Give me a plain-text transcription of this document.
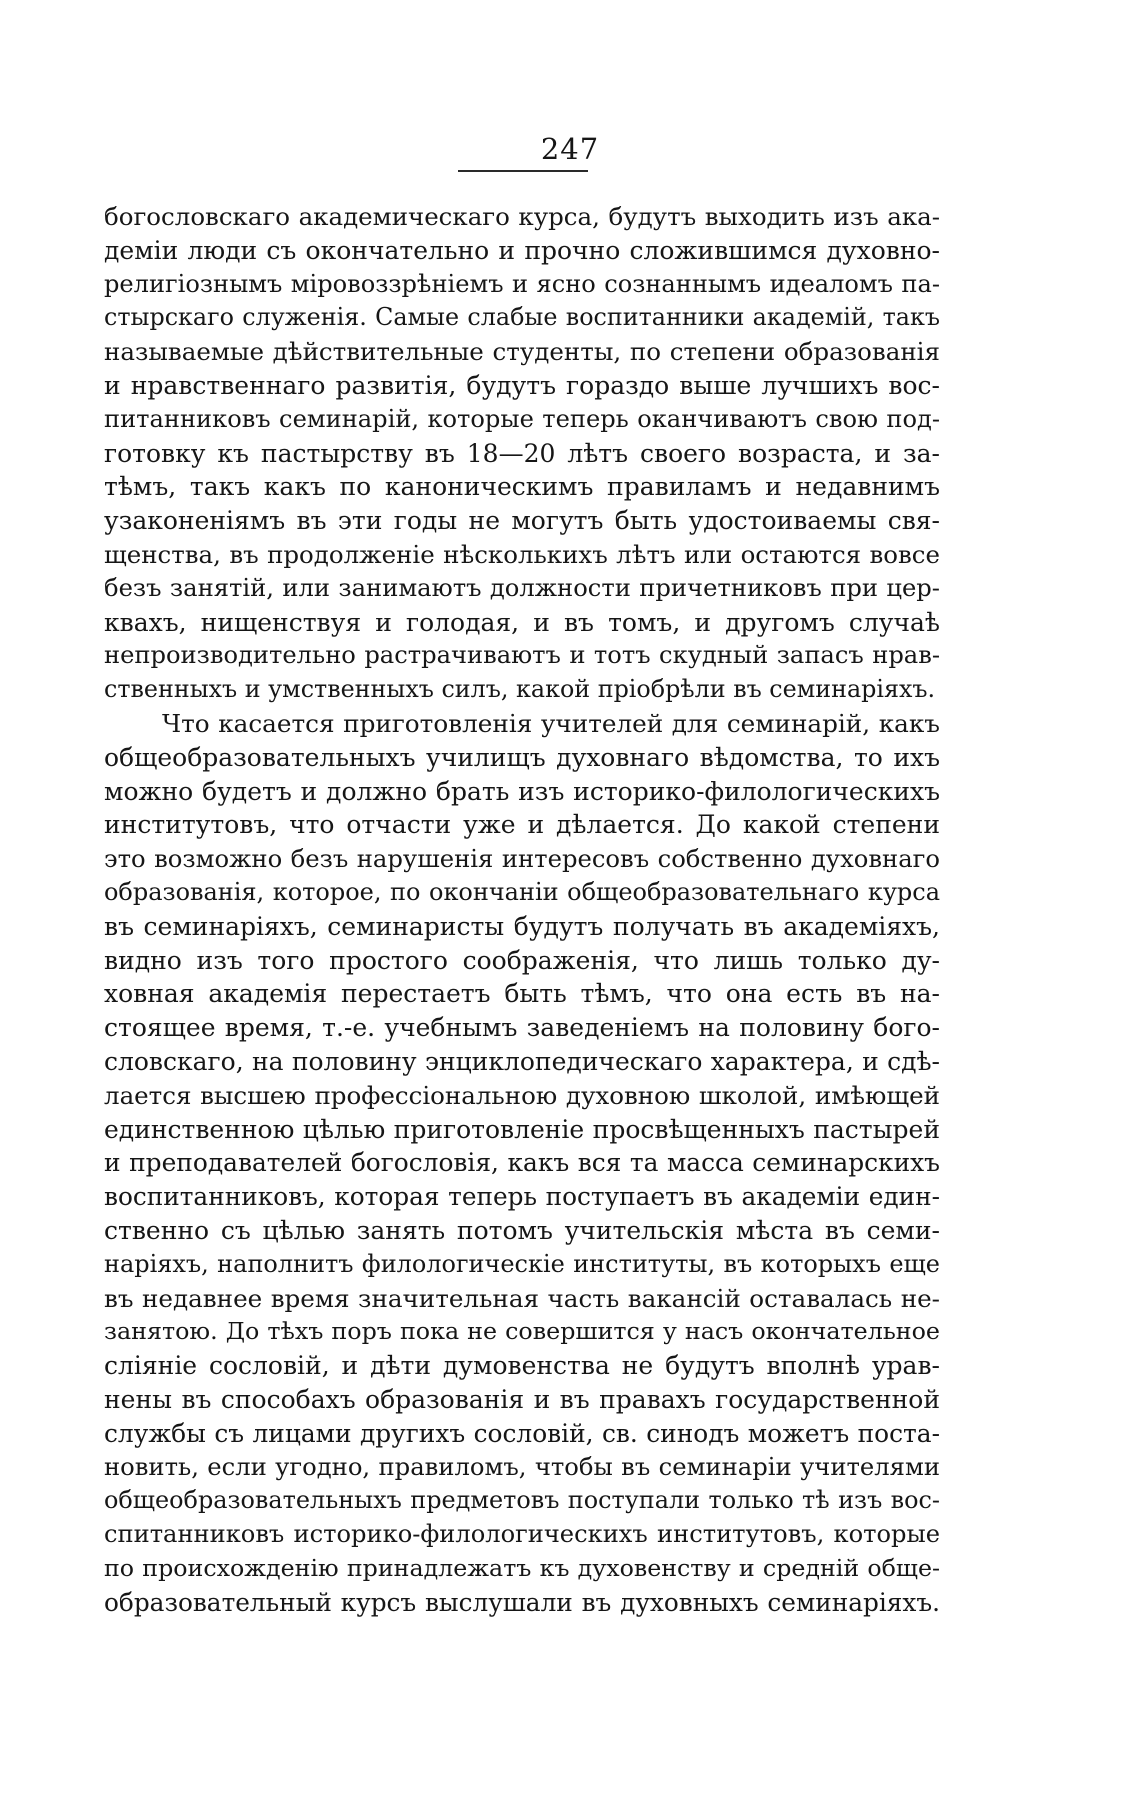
247
богословскаго академическаго курса, будутъ выходить изъ ака-
деміи люди съ окончательно и прочно сложившимся духовно-
религіознымъ міровоззрѣніемъ и ясно сознаннымъ идеаломъ па-
стырскаго служенія. Самые слабые воспитанники академій, такъ
называемые дѣйствительные студенты, по степени образованія
и нравственнаго развитія, будутъ гораздо выше лучшихъ вос-
питанниковъ семинарій, которые теперь оканчиваютъ свою под-
готовку къ пастырству въ 18—20 лѣтъ своего возраста, и за-
тѣмъ, такъ какъ по каноническимъ правиламъ и недавнимъ
узаконеніямъ въ эти годы не могутъ быть удостоиваемы свя-
щенства, въ продолженіе нѣсколькихъ лѣтъ или остаются вовсе
безъ занятій, или занимаютъ должности причетниковъ при цер-
квахъ, нищенствуя и голодая, и въ томъ, и другомъ случаѣ
непроизводительно растрачиваютъ и тотъ скудный запасъ нрав-
ственныхъ и умственныхъ силъ, какой пріобрѣли въ семинаріяхъ.
Что касается приготовленія учителей для семинарій, какъ
общеобразовательныхъ училищъ духовнаго вѣдомства, то ихъ
можно будетъ и должно брать изъ историко-филологическихъ
институтовъ, что отчасти уже и дѣлается. До какой степени
это возможно безъ нарушенія интересовъ собственно духовнаго
образованія, которое, по окончаніи общеобразовательнаго курса
въ семинаріяхъ, семинаристы будутъ получать въ академіяхъ,
видно изъ того простого соображенія, что лишь только ду-
ховная академія перестаетъ быть тѣмъ, что она есть въ на-
стоящее время, т.-е. учебнымъ заведеніемъ на половину бого-
словскаго, на половину энциклопедическаго характера, и сдѣ-
лается высшею профессіональною духовною школой, имѣющей
единственною цѣлью приготовленіе просвѣщенныхъ пастырей
и преподавателей богословія, какъ вся та масса семинарскихъ
воспитанниковъ, которая теперь поступаетъ въ академіи един-
ственно съ цѣлью занять потомъ учительскія мѣста въ семи-
наріяхъ, наполнитъ филологическіе институты, въ которыхъ еще
въ недавнее время значительная часть вакансій оставалась не-
занятою. До тѣхъ поръ пока не совершится у насъ окончательное
сліяніе сословій, и дѣти думовенства не будутъ вполнѣ урав-
нены въ способахъ образованія и въ правахъ государственной
службы съ лицами другихъ сословій, св. синодъ можетъ поста-
новить, если угодно, правиломъ, чтобы въ семинаріи учителями
общеобразовательныхъ предметовъ поступали только тѣ изъ вос-
спитанниковъ историко-филологическихъ институтовъ, которые
по происхожденію принадлежатъ къ духовенству и средній обще-
образовательный курсъ выслушали въ духовныхъ семинаріяхъ.
